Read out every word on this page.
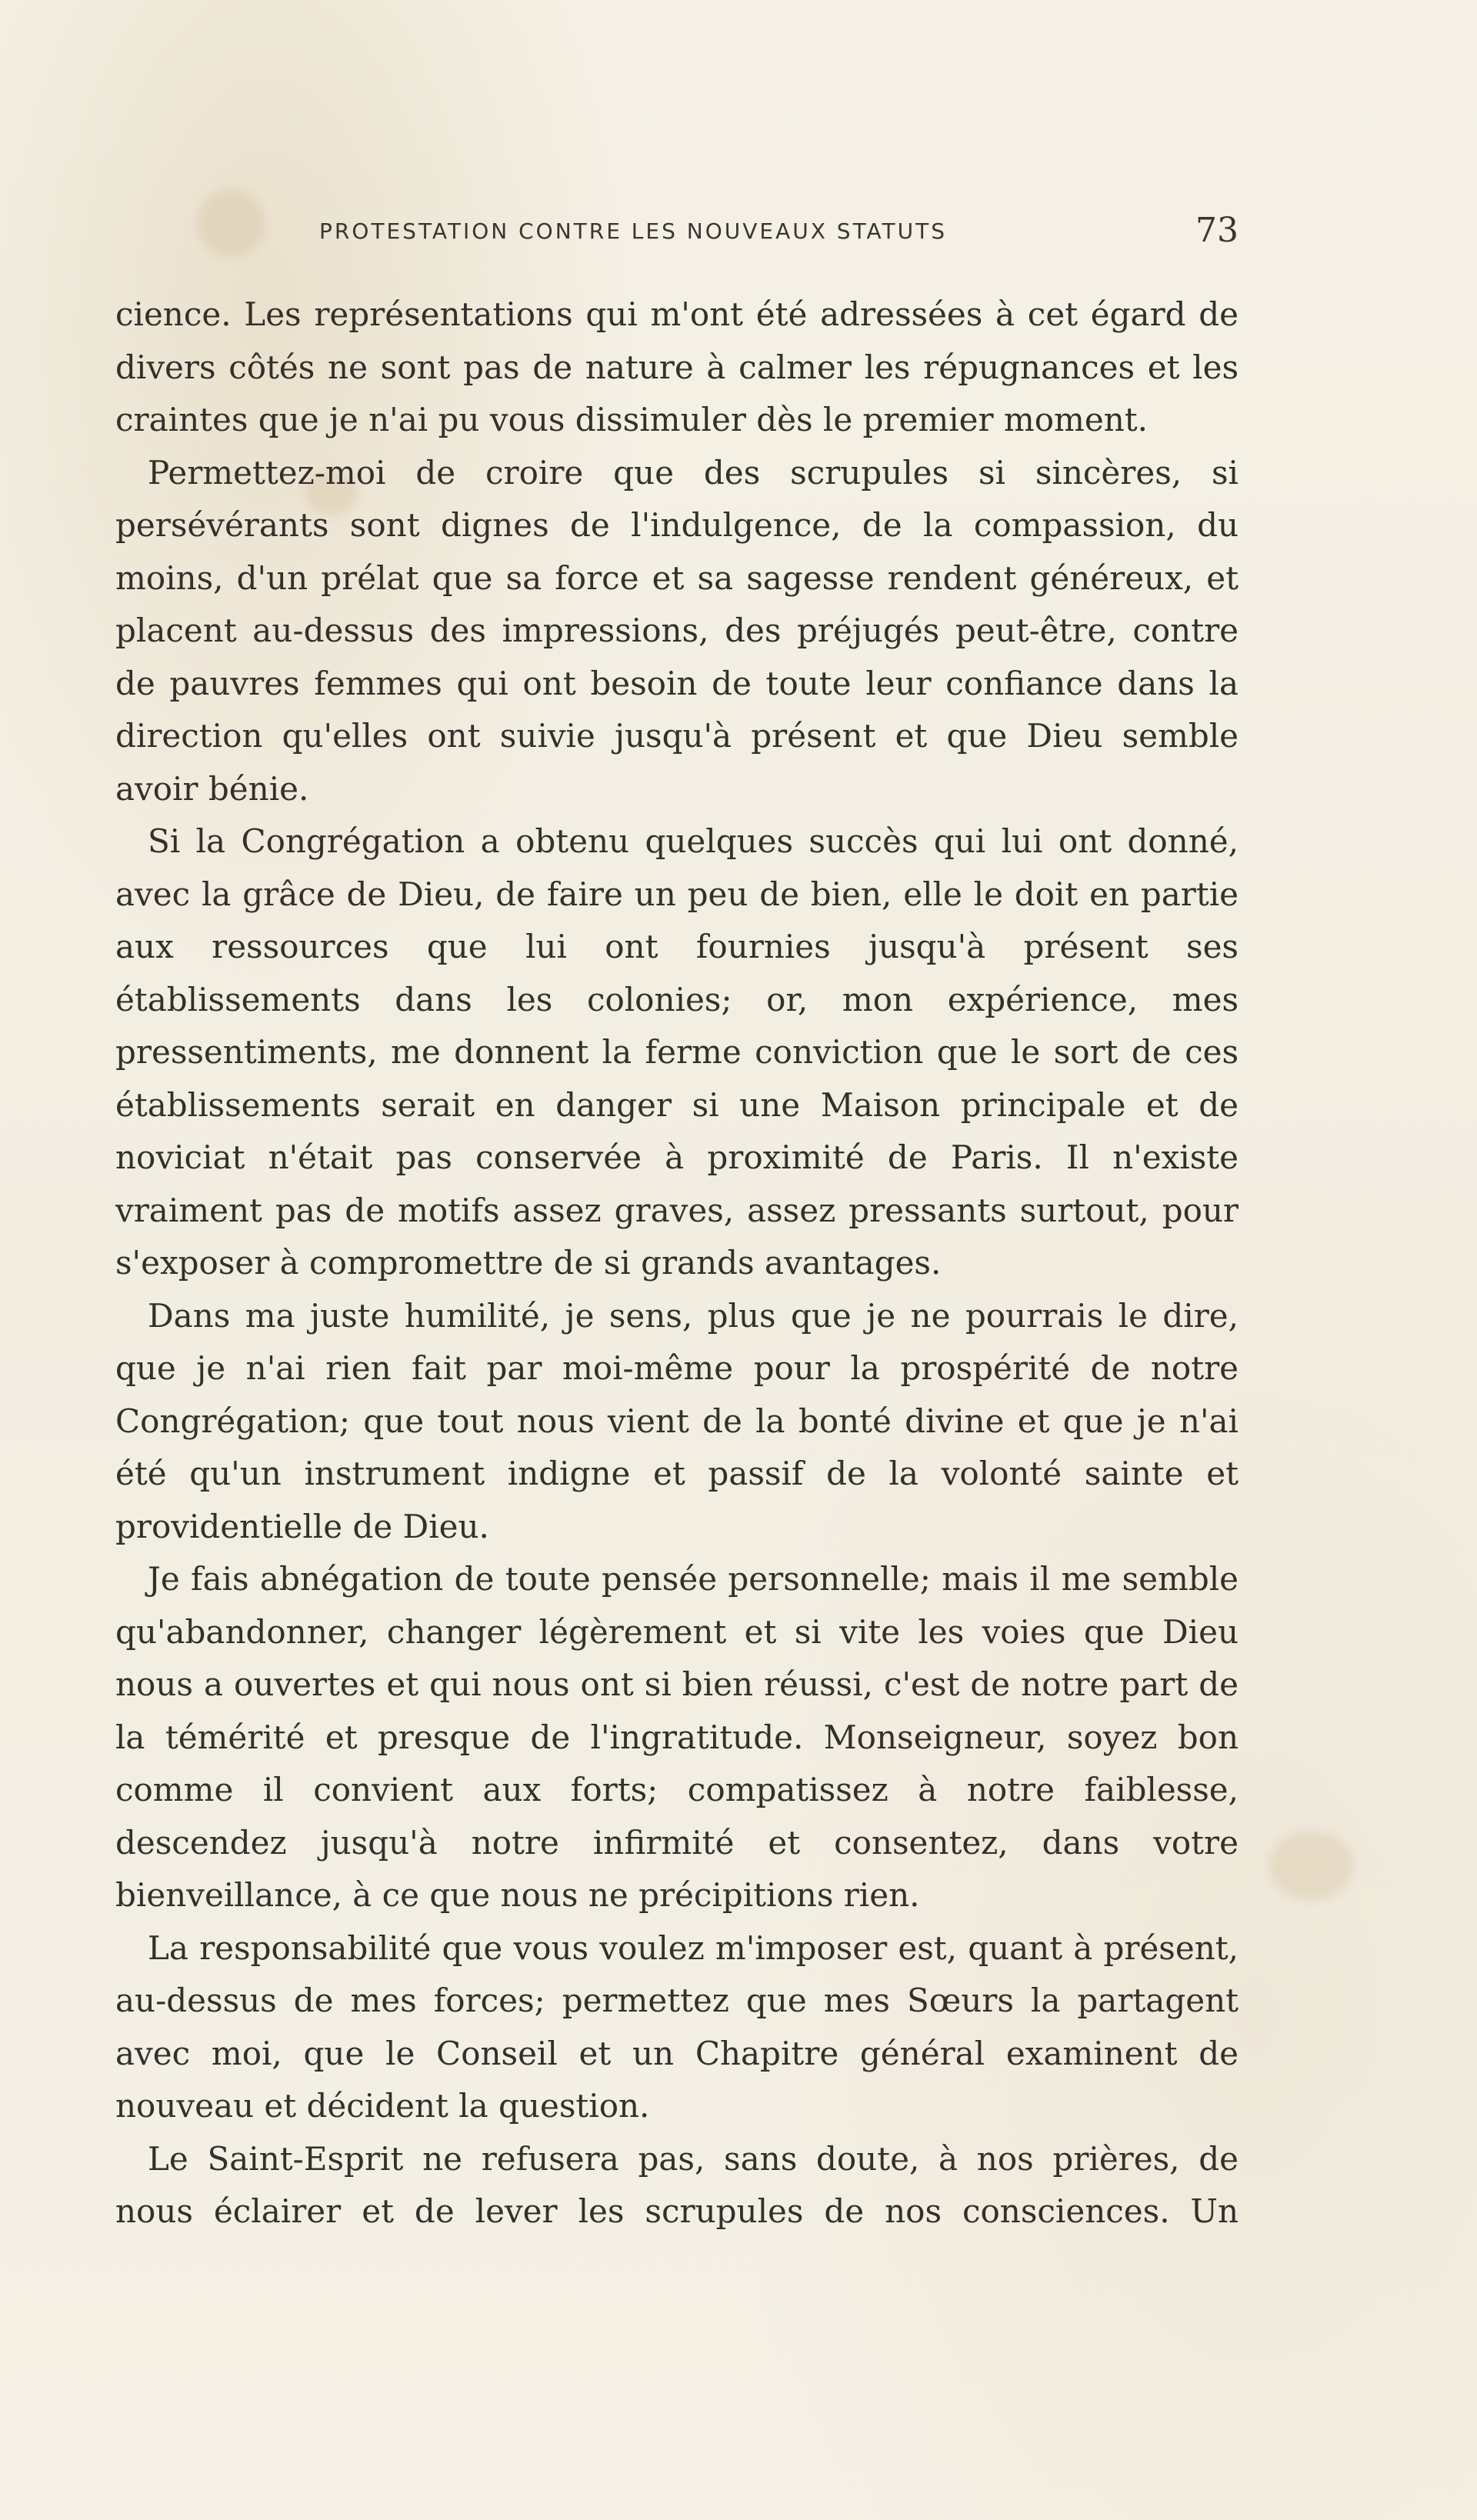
PROTESTATION CONTRE LES NOUVEAUX STATUTS	73

cience. Les représentations qui m'ont été adressées à cet égard de divers côtés ne sont pas de nature à calmer les répugnances et les craintes que je n'ai pu vous dissimuler dès le premier moment.

Permettez-moi de croire que des scrupules si sincères, si persévérants sont dignes de l'indulgence, de la compassion, du moins, d'un prélat que sa force et sa sagesse rendent généreux, et placent au-dessus des impressions, des préjugés peut-être, contre de pauvres femmes qui ont besoin de toute leur confiance dans la direction qu'elles ont suivie jusqu'à présent et que Dieu semble avoir bénie.

Si la Congrégation a obtenu quelques succès qui lui ont donné, avec la grâce de Dieu, de faire un peu de bien, elle le doit en partie aux ressources que lui ont fournies jusqu'à présent ses établissements dans les colonies; or, mon expérience, mes pressentiments, me donnent la ferme conviction que le sort de ces établissements serait en danger si une Maison principale et de noviciat n'était pas conservée à proximité de Paris. Il n'existe vraiment pas de motifs assez graves, assez pressants surtout, pour s'exposer à compromettre de si grands avantages.

Dans ma juste humilité, je sens, plus que je ne pourrais le dire, que je n'ai rien fait par moi-même pour la prospérité de notre Congrégation; que tout nous vient de la bonté divine et que je n'ai été qu'un instrument indigne et passif de la volonté sainte et providentielle de Dieu.

Je fais abnégation de toute pensée personnelle; mais il me semble qu'abandonner, changer légèrement et si vite les voies que Dieu nous a ouvertes et qui nous ont si bien réussi, c'est de notre part de la témérité et presque de l'ingratitude. Monseigneur, soyez bon comme il convient aux forts; compatissez à notre faiblesse, descendez jusqu'à notre infirmité et consentez, dans votre bienveillance, à ce que nous ne précipitions rien.

La responsabilité que vous voulez m'imposer est, quant à présent, au-dessus de mes forces; permettez que mes Sœurs la partagent avec moi, que le Conseil et un Chapitre général examinent de nouveau et décident la question.

Le Saint-Esprit ne refusera pas, sans doute, à nos prières, de nous éclairer et de lever les scrupules de nos consciences. Un
